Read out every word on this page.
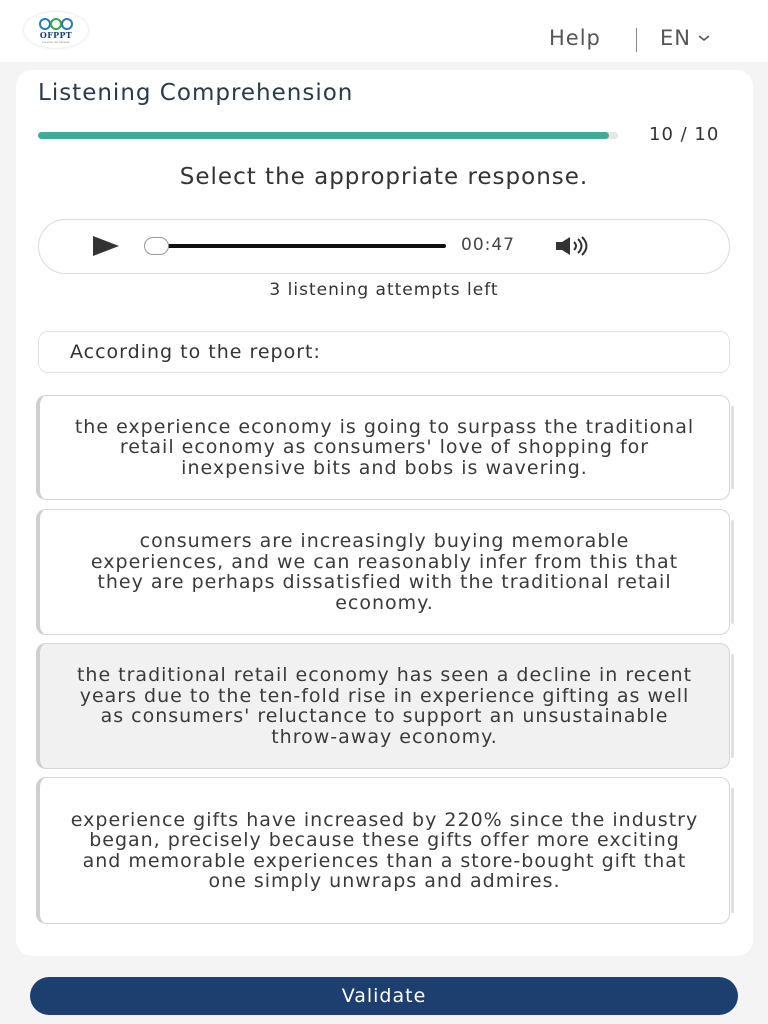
OFPPT
La voie de l'avenir	Help	EN
Listening Comprehension
10 / 10
Select the appropriate response.
00:47
3 listening attempts left
According to the report:
the experience economy is going to surpass the traditional retail economy as consumers' love of shopping for inexpensive bits and bobs is wavering.
consumers are increasingly buying memorable experiences, and we can reasonably infer from this that they are perhaps dissatisfied with the traditional retail economy.
the traditional retail economy has seen a decline in recent years due to the ten-fold rise in experience gifting as well as consumers' reluctance to support an unsustainable throw-away economy.
experience gifts have increased by 220% since the industry began, precisely because these gifts offer more exciting and memorable experiences than a store-bought gift that one simply unwraps and admires.
Validate
